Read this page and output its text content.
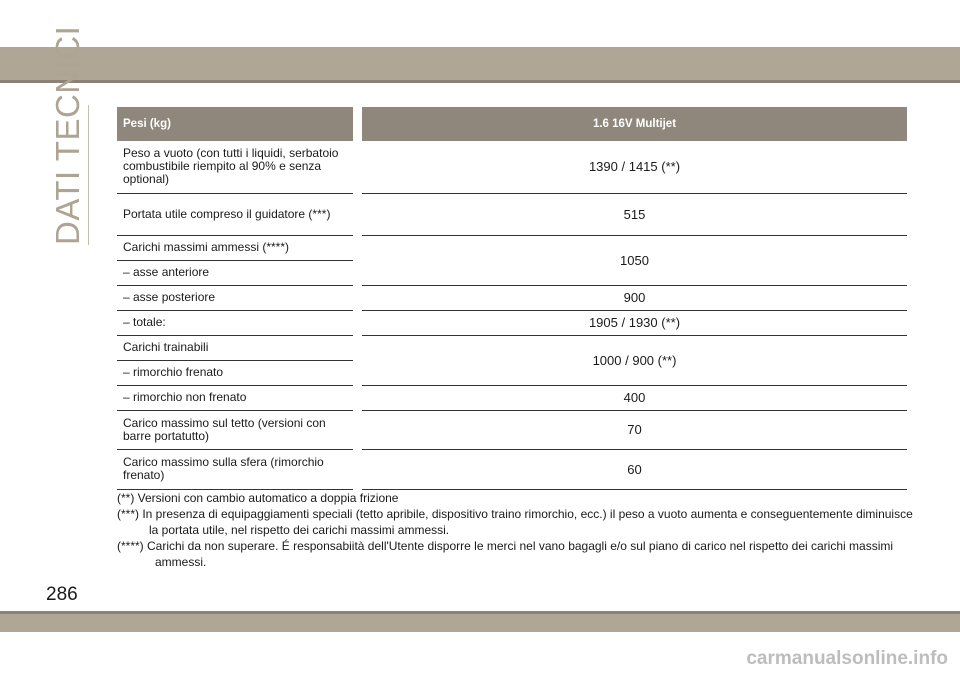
DATI TECNICI	Pesi (kg)		1.6 16V Multijet
Peso a vuoto (con tutti i liquidi, serbatoio combustibile riempito al 90% e senza optional)		1390 / 1415 (**)
Portata utile compreso il guidatore (***)		515
Carichi massimi ammessi (****)		1050
– asse anteriore		
– asse posteriore		900
– totale:		1905 / 1930 (**)
Carichi trainabili		1000 / 900 (**)
– rimorchio frenato		
– rimorchio non frenato		400
Carico massimo sul tetto (versioni con barre portatutto)		70
Carico massimo sulla sfera (rimorchio frenato)		60

(**) Versioni con cambio automatico a doppia frizione

(***) In presenza di equipaggiamenti speciali (tetto apribile, dispositivo traino rimorchio, ecc.) il peso a vuoto aumenta e conseguentemente diminuisce la portata utile, nel rispetto dei carichi massimi ammessi.

(****) Carichi da non superare. É responsabiità dell'Utente disporre le merci nel vano bagagli e/o sul piano di carico nel rispetto dei carichi massimi ammessi.

286
carmanualsonline.info
